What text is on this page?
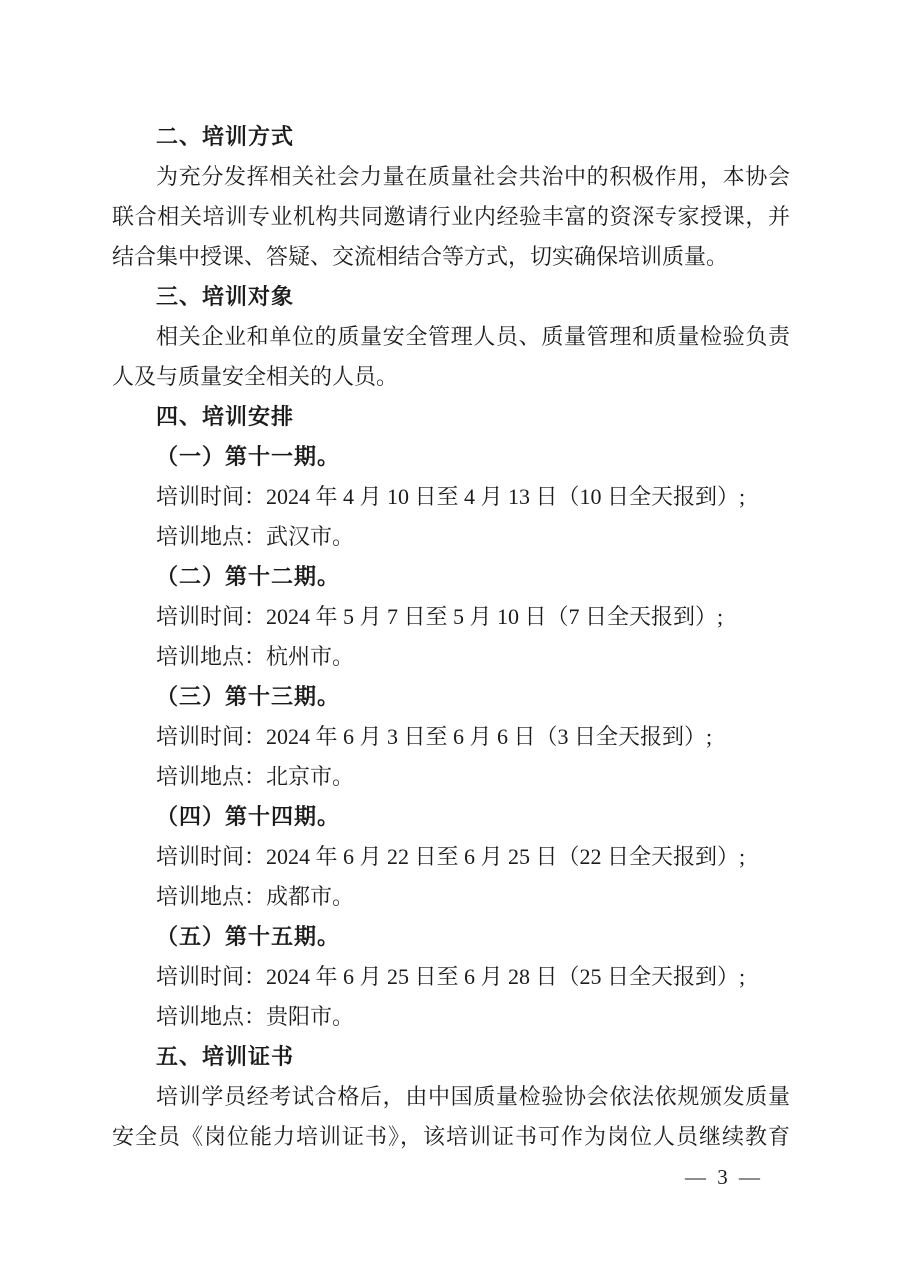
二、培训方式
为充分发挥相关社会力量在质量社会共治中的积极作用，本协会
联合相关培训专业机构共同邀请行业内经验丰富的资深专家授课，并
结合集中授课、答疑、交流相结合等方式，切实确保培训质量。
三、培训对象
相关企业和单位的质量安全管理人员、质量管理和质量检验负责
人及与质量安全相关的人员。
四、培训安排
（一）第十一期。
培训时间：2024 年 4 月 10 日至 4 月 13 日（10 日全天报到）;
培训地点：武汉市。
（二）第十二期。
培训时间：2024 年 5 月 7 日至 5 月 10 日（7 日全天报到）;
培训地点：杭州市。
（三）第十三期。
培训时间：2024 年 6 月 3 日至 6 月 6 日（3 日全天报到）;
培训地点：北京市。
（四）第十四期。
培训时间：2024 年 6 月 22 日至 6 月 25 日（22 日全天报到）;
培训地点：成都市。
（五）第十五期。
培训时间：2024 年 6 月 25 日至 6 月 28 日（25 日全天报到）;
培训地点：贵阳市。
五、培训证书
培训学员经考试合格后，由中国质量检验协会依法依规颁发质量
安全员《岗位能力培训证书》，该培训证书可作为岗位人员继续教育
— 3 —
